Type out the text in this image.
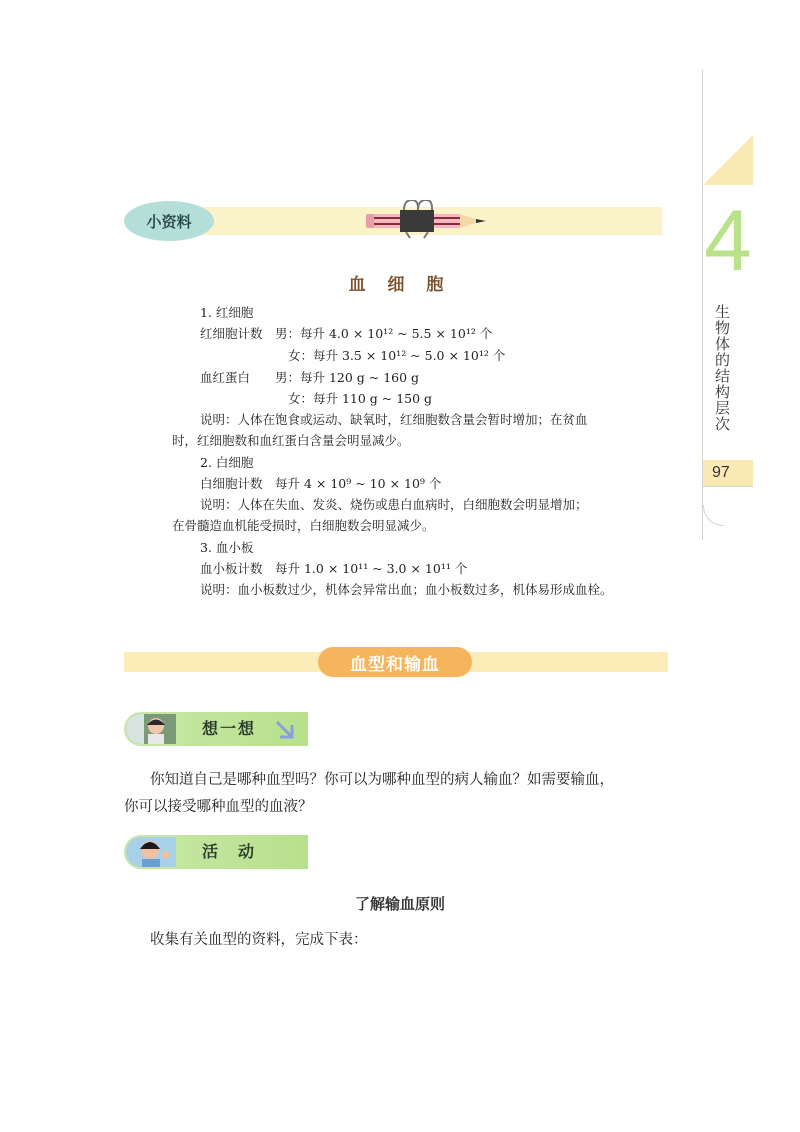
4
生物体的结构层次
97
小资料
血 细 胞
1. 红细胞
红细胞计数　男：每升 4.0 × 10¹² ~ 5.5 × 10¹² 个
女：每升 3.5 × 10¹² ~ 5.0 × 10¹² 个
血红蛋白　　男：每升 120 g ~ 160 g
女：每升 110 g ~ 150 g
说明：人体在饱食或运动、缺氧时，红细胞数含量会暂时增加；在贫血
时，红细胞数和血红蛋白含量会明显减少。
2. 白细胞
白细胞计数　每升 4 × 10⁹ ~ 10 × 10⁹ 个
说明：人体在失血、发炎、烧伤或患白血病时，白细胞数会明显增加；
在骨髓造血机能受损时，白细胞数会明显减少。
3. 血小板
血小板计数　每升 1.0 × 10¹¹ ~ 3.0 × 10¹¹ 个
说明：血小板数过少，机体会异常出血；血小板数过多，机体易形成血栓。
血型和输血
想一想
你知道自己是哪种血型吗？你可以为哪种血型的病人输血？如需要输血，
你可以接受哪种血型的血液？
活　动
了解输血原则
收集有关血型的资料，完成下表：
